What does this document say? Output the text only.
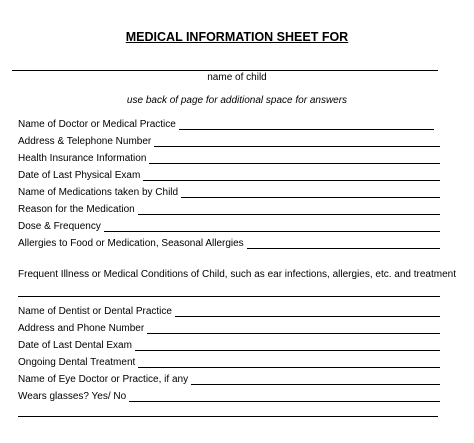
MEDICAL INFORMATION SHEET FOR
name of child
use back of page for additional space for answers
Name of Doctor or Medical Practice
Address & Telephone Number
Health Insurance Information
Date of Last Physical Exam
Name of Medications taken by Child
Reason for the Medication
Dose & Frequency
Allergies to Food or Medication, Seasonal Allergies
Frequent Illness or Medical Conditions of Child, such as ear infections, allergies, etc. and treatment
Name of Dentist or Dental Practice
Address and Phone Number
Date of Last Dental Exam
Ongoing Dental Treatment
Name of Eye Doctor or Practice, if any
Wears glasses? Yes/ No
